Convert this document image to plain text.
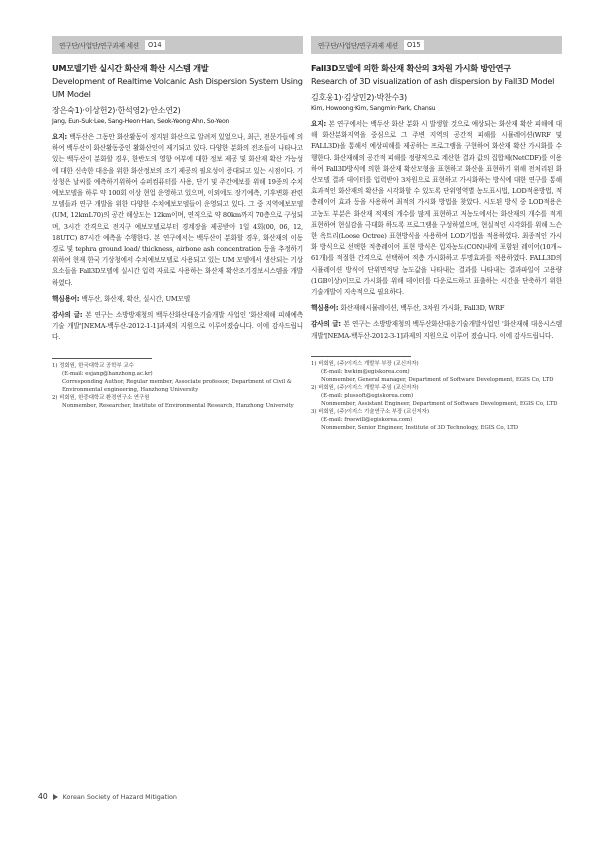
연구단/사업단/연구과제 세션	O14
UM모델기반 실시간 화산재 확산 시스템 개발
Development of Realtime Volcanic Ash Dispersion System Using UM Model
장은숙1)·이상헌2)·한석영2)·안소연2)
Jang, Eun-Suk·Lee, Sang-Heon·Han, Seok-Yeong·Ahn, So-Yeon

요지: 백두산은 그동안 화산활동이 정지된 화산으로 알려져 있었으나, 최근, 전문가들에 의하여 백두산이 화산활동중인 활화산인이 제기되고 있다. 다양한 분화의 전조들이 나타나고 있는 백두산이 분화할 경우, 한반도의 영향 여부에 대한 정보 제공 및 화산재 확산 가능성에 대한 신속한 대응을 위한 화산정보의 조기 제공의 필요성이 증대되고 있는 시점이다. 기상청은 날씨를 예측하기위하여 슈퍼컴퓨터를 사용, 단기 및 주간예보를 위해 19종의 수치예보모델을 하루 약 100회 이상 현업 운영하고 있으며, 이외에도 장기예측, 기후변화 관련 모델들과 연구 개발을 위한 다양한 수치예보모델들이 운영되고 있다. 그 중 지역예보모델(UM, 12kmL70)의 공간 해상도는 12km이며, 연직으로 약 80km까지 70층으로 구성되며, 3시간 간격으로 전지구 예보모델로부터 경계장을 제공받아 1일 4회(00, 06, 12, 18UTC) 87시간 예측을 수행한다. 본 연구에서는 백두산이 분화할 경우, 화산재의 이동 경로 및 tephra ground load/ thickness, airbone ash concentration 등을 추정하기위하여 현재 한국 기상청에서 수치예보모델로 사용되고 있는 UM 모델에서 생산되는 기상요소들을 Fall3D모델에 실시간 입력 자료로 사용하는 화산재 확산조기경보시스템을 개발하였다.

핵심용어: 백두산, 화산재, 확산, 실시간, UM모델

감사의 글: 본 연구는 소방방재청의 백두산화산대응기술개발 사업인 '화산재해 피해예측 기술 개발'[NEMA-백두산-2012-1-1]과제의 지원으로 이루어졌습니다. 이에 감사드립니다.

1) 정회원, 한국대학교 공학부 교수
(E-mail: esjang@hanzhong.ac.kr)
Corresponding Author, Regular member, Associate professor, Department of Civil & Environmental engineering, Hanzhong University
2) 비회원, 한중대학교 환경연구소 연구원
Nonmember, Researcher, Institute of Environmental Research, Hanzhong University
연구단/사업단/연구과제 세션	O15
Fall3D모델에 의한 화산재 확산의 3차원 가시화 방안연구
Research of 3D visualization of ash dispersion by Fall3D Model
김호웅1)·김상민2)·박찬수3)
Kim, Howoong·Kim, Sangmin·Park, Chansu

요지: 본 연구에서는 백두산 화산 분화 시 발생할 것으로 예상되는 화산재 확산 피해에 대해 화산분화지역을 중심으로 그 주변 지역의 공간적 피해를 시뮬레이션(WRF 및 FALL3D)을 통해서 예상피해를 제공하는 프로그램을 구현하여 화산재 확산 가시화를 수행한다. 화산재해의 공간적 피해를 정량적으로 계산한 결과 값의 집합체(NetCDF)를 이용하여 Fall3D방식에 의한 화산재 확산모형을 표현하고 화산을 표현하기 위해 전처리된 화산모델 결과 데이터를 입력받아 3차원으로 표현하고 가시화하는 방식에 대한 연구를 통해 효과적인 화산재의 확산을 시각화할 수 있도록 단위영역별 농도표시법, LOD적용방법, 적층레이어 효과 등을 사용하여 최적의 가시화 방법을 찾았다. 시도된 방식 중 LOD적용은 고농도 부분은 화산재 적재의 개수를 많게 표현하고 저농도에서는 화산재의 개수를 적게 표현하여 현실감을 극대화 하도록 프로그램을 구성하였으며, 현실적인 시각화를 위해 느슨한 옥트리(Loose Octree) 표현방식을 사용하여 LOD기법을 적용하였다. 최종적인 가시화 방식으로 선택한 적층레이어 표현 방식은 입자농도(CON)내에 포함된 레이어(10개~ 61개)를 적절한 간격으로 선택하여 적층 가시화하고 투명효과를 적용하였다. FALL3D의 시뮬레이션 방식이 단위면적당 농도값을 나타내는 결과를 나타내는 결과파일이 고용량(1GB이상)이므로 가시화를 위해 데이터를 다운로드하고 표출하는 시간을 단축하기 위한 기술개발이 지속적으로 필요하다.

핵심용어: 화산재해시뮬레이션, 백두산, 3차원 가시화, Fall3D, WRF

감사의 글: 본 연구는 소방방재청의 백두산화산대응기술개발사업인 '화산재해 대응시스템 개발'[NEMA-백두산-2012-3-1]과제의 지원으로 이루어 졌습니다. 이에 감사드립니다.

1) 비회원, (주)이지스 개발부 부장 (교신저자)
(E-mail: hwkim@egiskorea.com)
Nonmember, General manager, Department of Software Development, EGIS Co, LTD
2) 비회원, (주)이지스 개발부 주임 (교신저자)
(E-mail: plussoft@egiskorea.com)
Nonmember, Assistant Engineer, Department of Software Development, EGIS Co, LTD
3) 비회원, (주)이지스 기술연구소 부장 (교신저자)
(E-mail: freewill@egiskorea.com)
Nonmember, Senior Engineer, Institute of 3D Technology, EGIS Co, LTD
40 Korean Society of Hazard Mitigation
